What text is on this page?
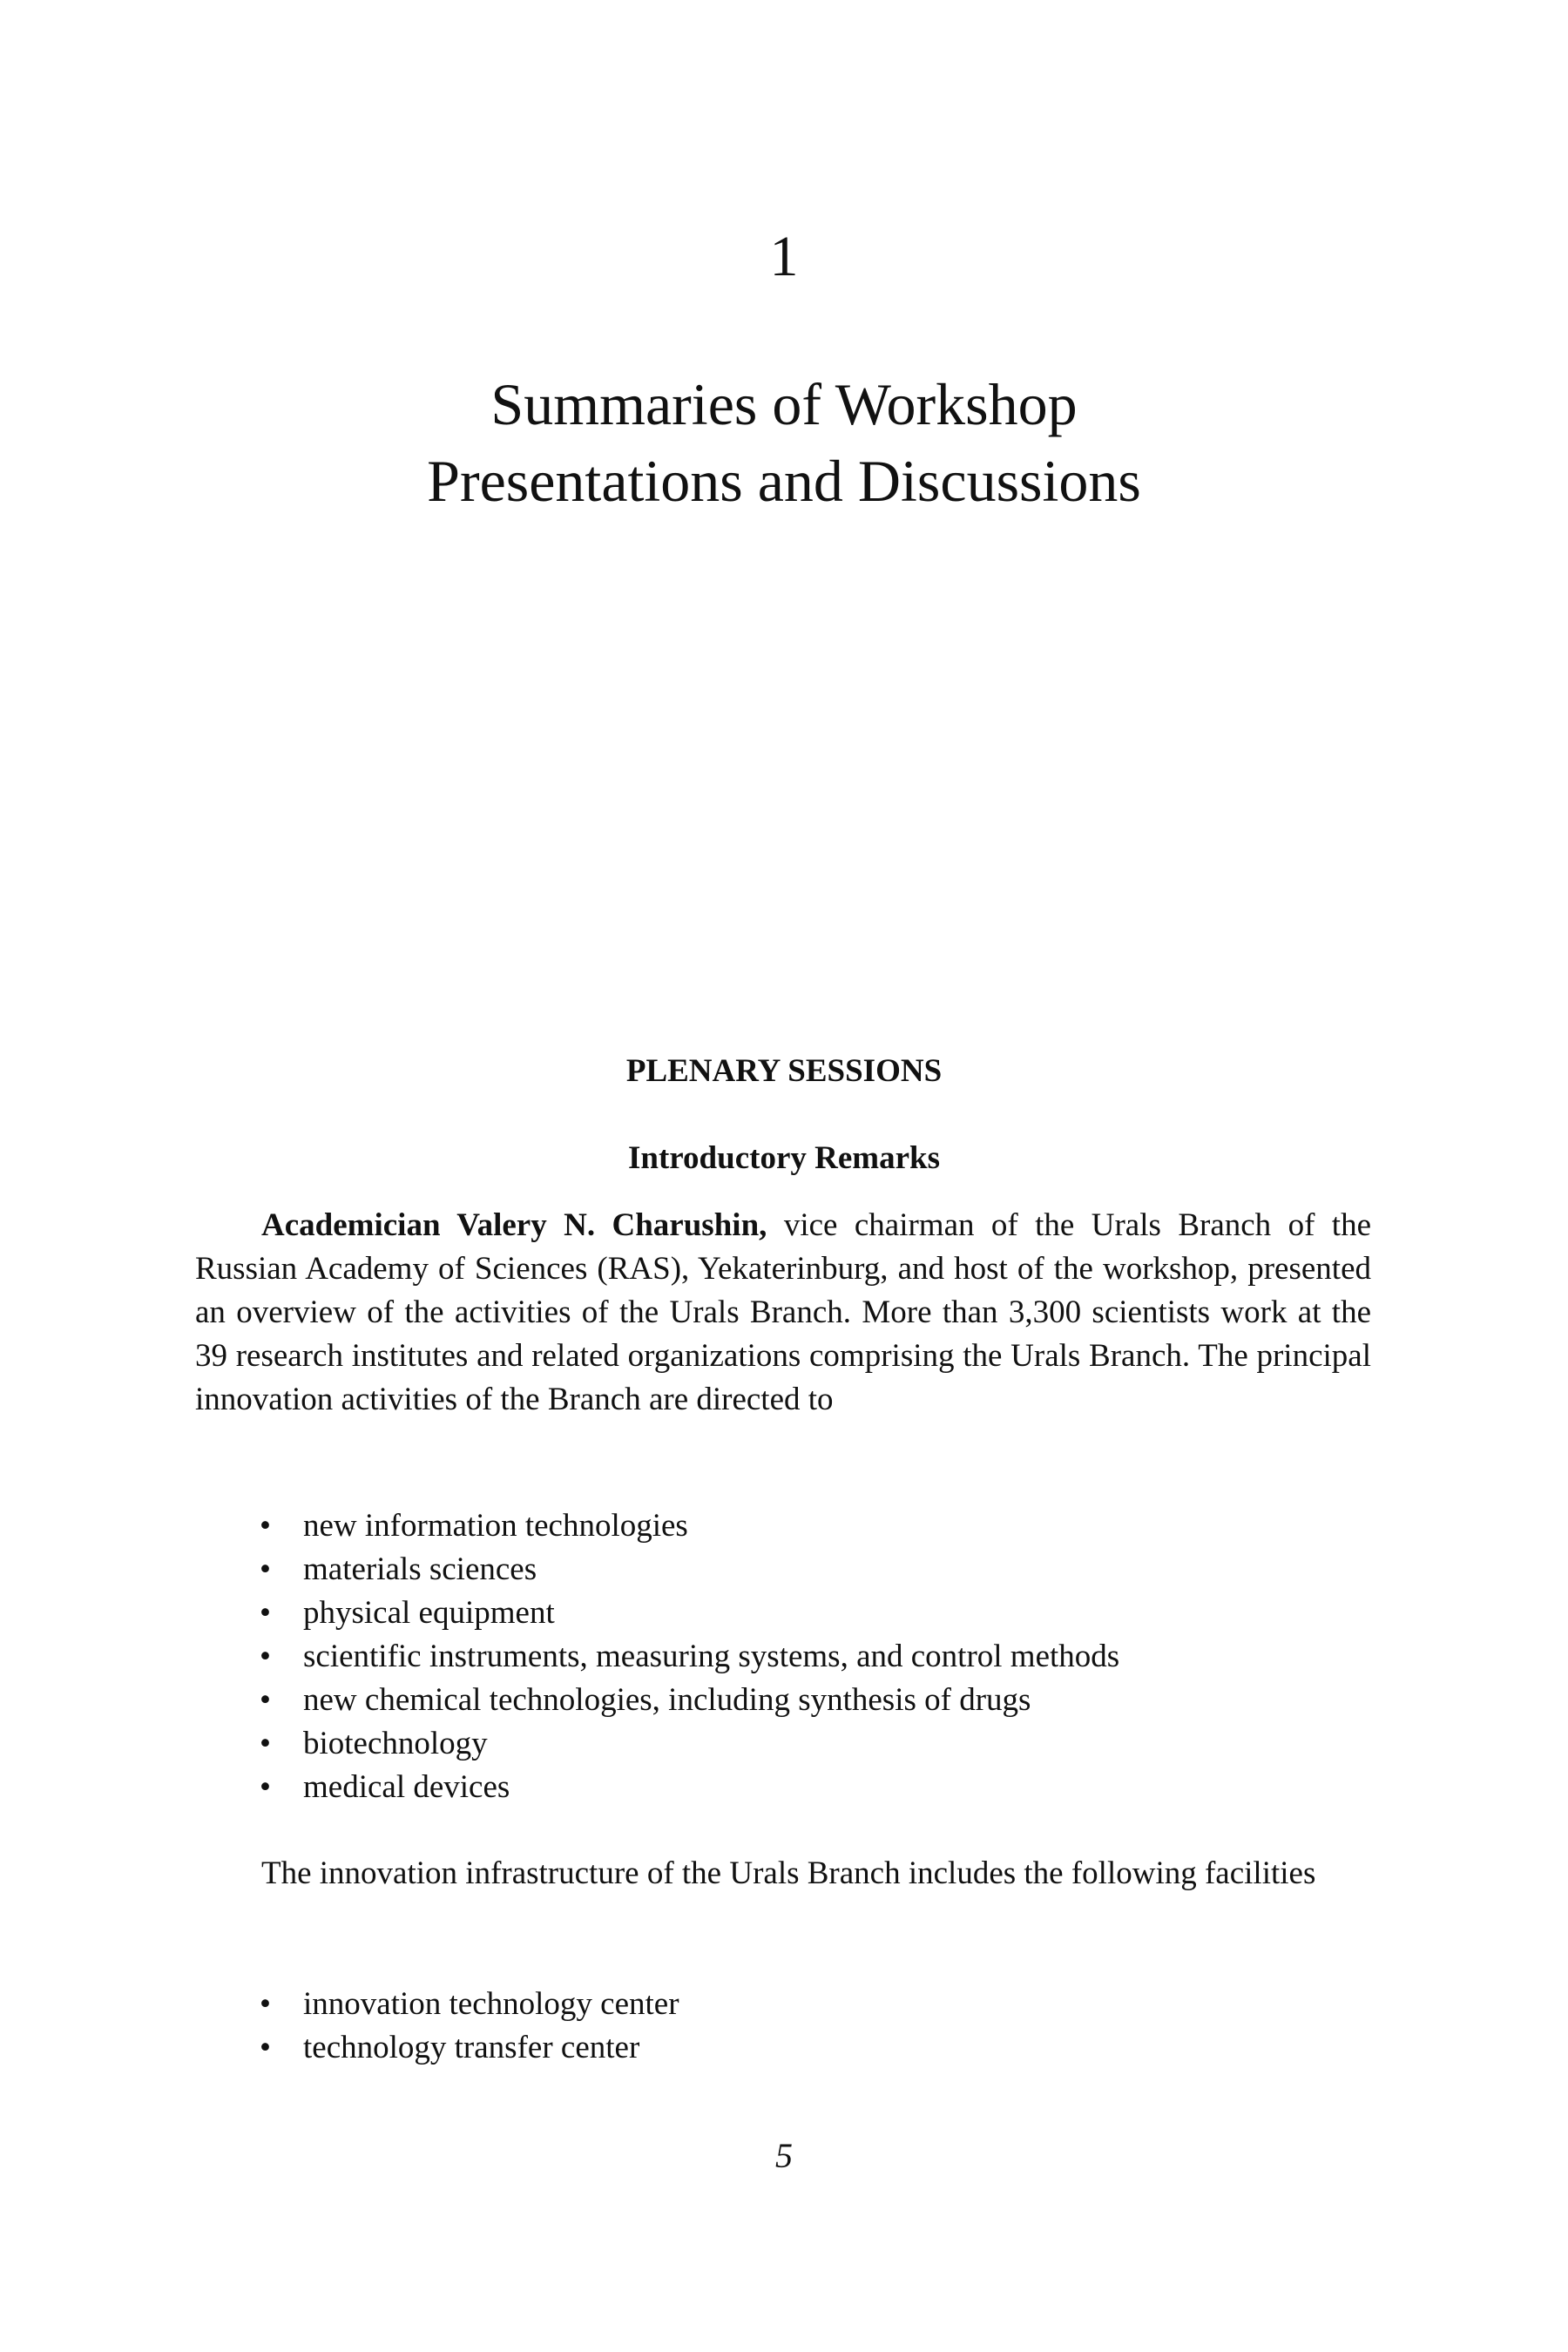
1
Summaries of Workshop
Presentations and Discussions
PLENARY SESSIONS
Introductory Remarks

Academician Valery N. Charushin, vice chairman of the Urals Branch of the Russian Academy of Sciences (RAS), Yekaterinburg, and host of the workshop, presented an overview of the activities of the Urals Branch. More than 3,300 scientists work at the 39 research institutes and related organizations comprising the Urals Branch. The principal innovation activities of the Branch are directed to

• new information technologies
• materials sciences
• physical equipment
• scientific instruments, measuring systems, and control methods
• new chemical technologies, including synthesis of drugs
• biotechnology
• medical devices

The innovation infrastructure of the Urals Branch includes the following facilities

• innovation technology center
• technology transfer center
5
